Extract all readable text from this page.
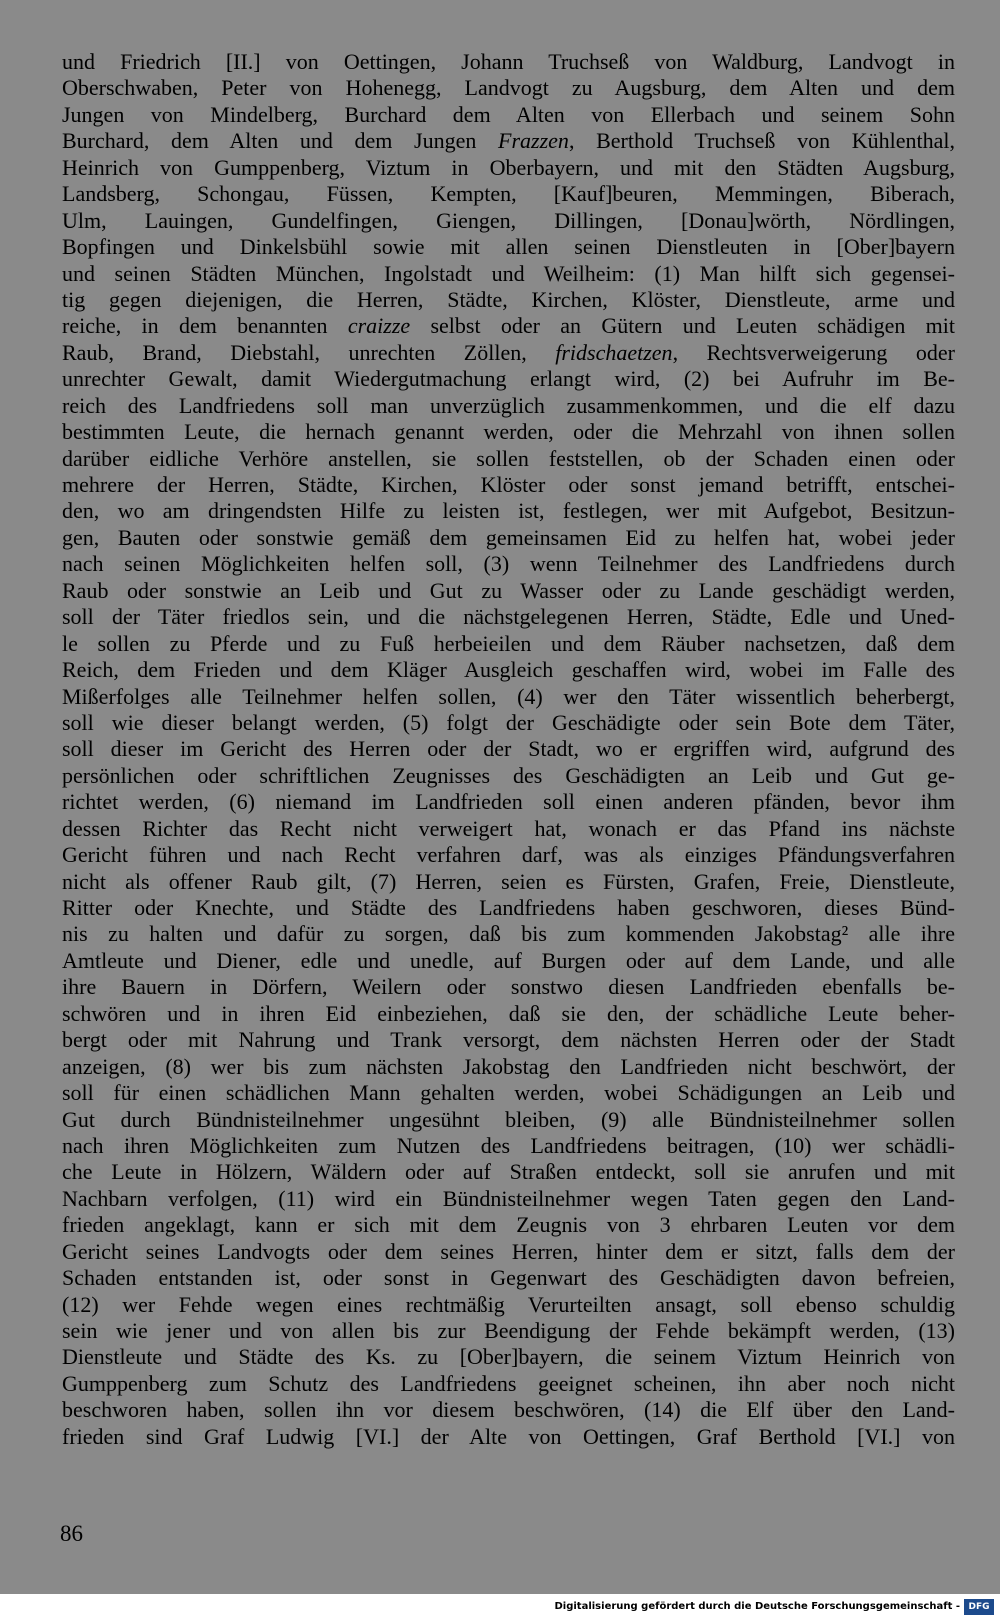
und Friedrich [II.] von Oettingen, Johann Truchseß von Waldburg, Landvogt in
Oberschwaben, Peter von Hohenegg, Landvogt zu Augsburg, dem Alten und dem
Jungen von Mindelberg, Burchard dem Alten von Ellerbach und seinem Sohn
Burchard, dem Alten und dem Jungen Frazzen, Berthold Truchseß von Kühlenthal,
Heinrich von Gumppenberg, Viztum in Oberbayern, und mit den Städten Augsburg,
Landsberg, Schongau, Füssen, Kempten, [Kauf]beuren, Memmingen, Biberach,
Ulm, Lauingen, Gundelfingen, Giengen, Dillingen, [Donau]wörth, Nördlingen,
Bopfingen und Dinkelsbühl sowie mit allen seinen Dienstleuten in [Ober]bayern
und seinen Städten München, Ingolstadt und Weilheim: (1) Man hilft sich gegensei-
tig gegen diejenigen, die Herren, Städte, Kirchen, Klöster, Dienstleute, arme und
reiche, in dem benannten craizze selbst oder an Gütern und Leuten schädigen mit
Raub, Brand, Diebstahl, unrechten Zöllen, fridschaetzen, Rechtsverweigerung oder
unrechter Gewalt, damit Wiedergutmachung erlangt wird, (2) bei Aufruhr im Be-
reich des Landfriedens soll man unverzüglich zusammenkommen, und die elf dazu
bestimmten Leute, die hernach genannt werden, oder die Mehrzahl von ihnen sollen
darüber eidliche Verhöre anstellen, sie sollen feststellen, ob der Schaden einen oder
mehrere der Herren, Städte, Kirchen, Klöster oder sonst jemand betrifft, entschei-
den, wo am dringendsten Hilfe zu leisten ist, festlegen, wer mit Aufgebot, Besitzun-
gen, Bauten oder sonstwie gemäß dem gemeinsamen Eid zu helfen hat, wobei jeder
nach seinen Möglichkeiten helfen soll, (3) wenn Teilnehmer des Landfriedens durch
Raub oder sonstwie an Leib und Gut zu Wasser oder zu Lande geschädigt werden,
soll der Täter friedlos sein, und die nächstgelegenen Herren, Städte, Edle und Uned-
le sollen zu Pferde und zu Fuß herbeieilen und dem Räuber nachsetzen, daß dem
Reich, dem Frieden und dem Kläger Ausgleich geschaffen wird, wobei im Falle des
Mißerfolges alle Teilnehmer helfen sollen, (4) wer den Täter wissentlich beherbergt,
soll wie dieser belangt werden, (5) folgt der Geschädigte oder sein Bote dem Täter,
soll dieser im Gericht des Herren oder der Stadt, wo er ergriffen wird, aufgrund des
persönlichen oder schriftlichen Zeugnisses des Geschädigten an Leib und Gut ge-
richtet werden, (6) niemand im Landfrieden soll einen anderen pfänden, bevor ihm
dessen Richter das Recht nicht verweigert hat, wonach er das Pfand ins nächste
Gericht führen und nach Recht verfahren darf, was als einziges Pfändungsverfahren
nicht als offener Raub gilt, (7) Herren, seien es Fürsten, Grafen, Freie, Dienstleute,
Ritter oder Knechte, und Städte des Landfriedens haben geschworen, dieses Bünd-
nis zu halten und dafür zu sorgen, daß bis zum kommenden Jakobstag² alle ihre
Amtleute und Diener, edle und unedle, auf Burgen oder auf dem Lande, und alle
ihre Bauern in Dörfern, Weilern oder sonstwo diesen Landfrieden ebenfalls be-
schwören und in ihren Eid einbeziehen, daß sie den, der schädliche Leute beher-
bergt oder mit Nahrung und Trank versorgt, dem nächsten Herren oder der Stadt
anzeigen, (8) wer bis zum nächsten Jakobstag den Landfrieden nicht beschwört, der
soll für einen schädlichen Mann gehalten werden, wobei Schädigungen an Leib und
Gut durch Bündnisteilnehmer ungesühnt bleiben, (9) alle Bündnisteilnehmer sollen
nach ihren Möglichkeiten zum Nutzen des Landfriedens beitragen, (10) wer schädli-
che Leute in Hölzern, Wäldern oder auf Straßen entdeckt, soll sie anrufen und mit
Nachbarn verfolgen, (11) wird ein Bündnisteilnehmer wegen Taten gegen den Land-
frieden angeklagt, kann er sich mit dem Zeugnis von 3 ehrbaren Leuten vor dem
Gericht seines Landvogts oder dem seines Herren, hinter dem er sitzt, falls dem der
Schaden entstanden ist, oder sonst in Gegenwart des Geschädigten davon befreien,
(12) wer Fehde wegen eines rechtmäßig Verurteilten ansagt, soll ebenso schuldig
sein wie jener und von allen bis zur Beendigung der Fehde bekämpft werden, (13)
Dienstleute und Städte des Ks. zu [Ober]bayern, die seinem Viztum Heinrich von
Gumppenberg zum Schutz des Landfriedens geeignet scheinen, ihn aber noch nicht
beschworen haben, sollen ihn vor diesem beschwören, (14) die Elf über den Land-
frieden sind Graf Ludwig [VI.] der Alte von Oettingen, Graf Berthold [VI.] von
86
Digitalisierung gefördert durch die Deutsche Forschungsgemeinschaft - DFG
